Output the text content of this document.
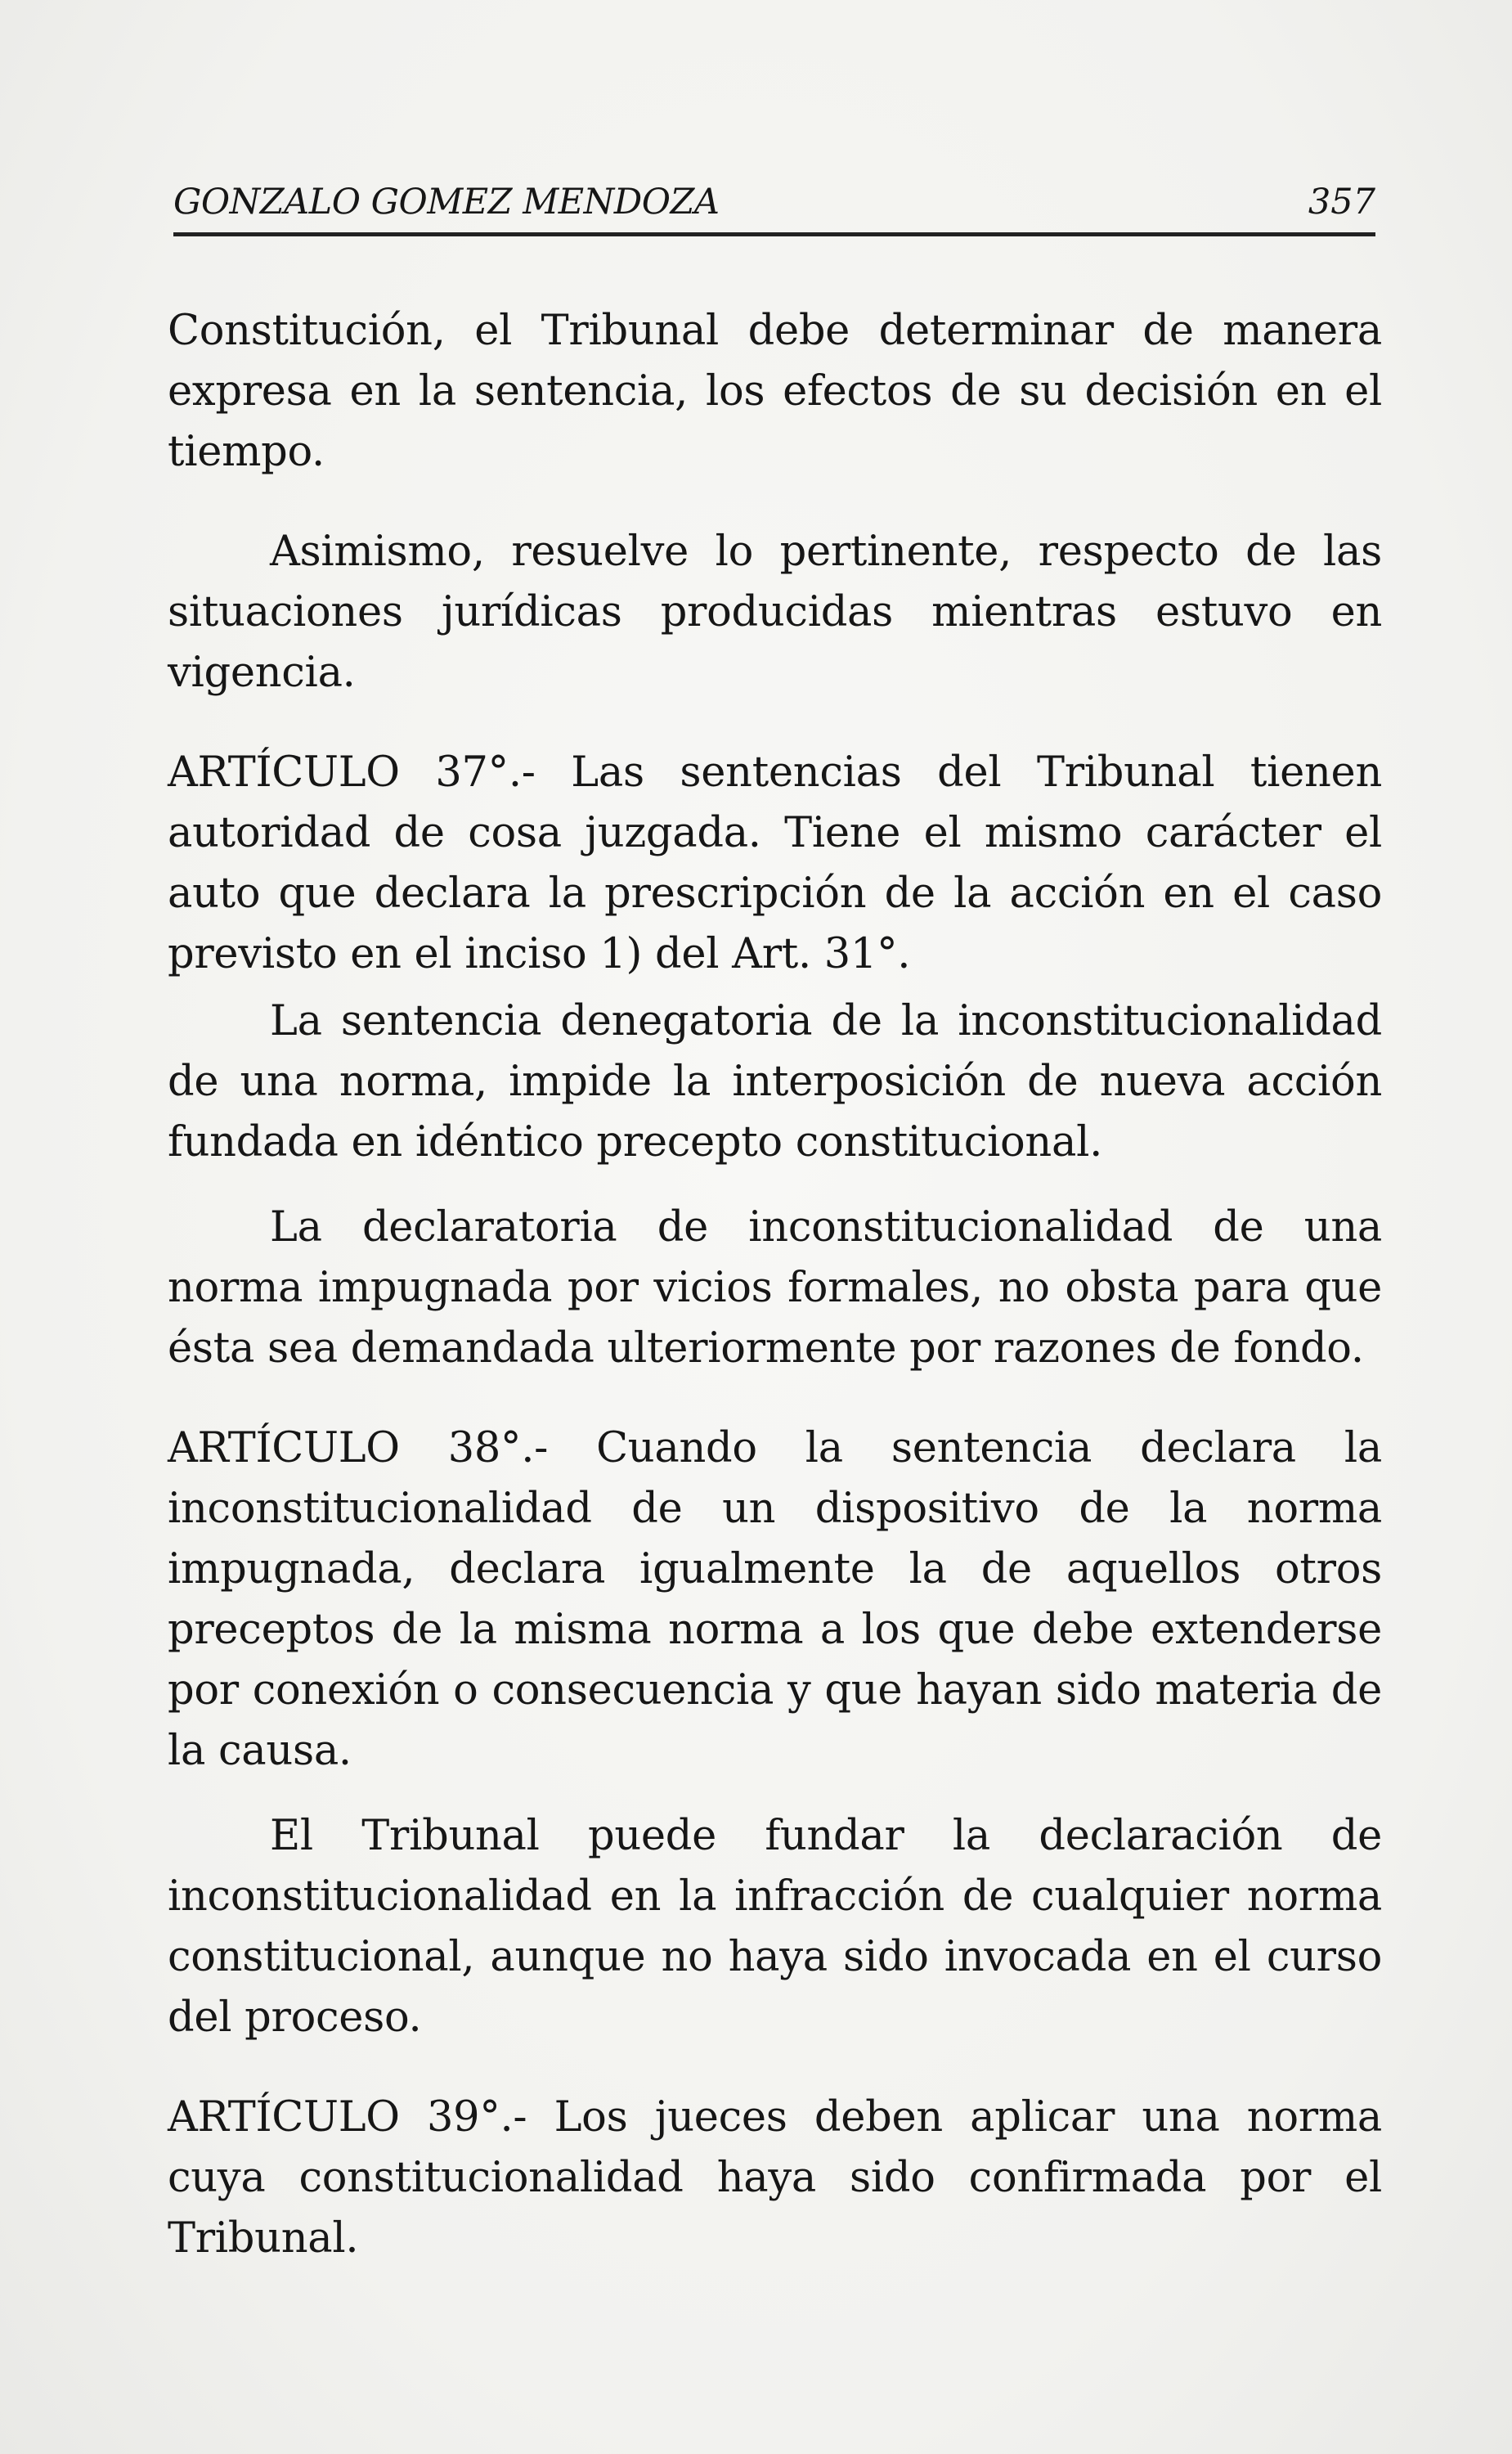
GONZALO GOMEZ MENDOZA	357

Constitución, el Tribunal debe determinar de manera expresa en la sentencia, los efectos de su decisión en el tiempo.

Asimismo, resuelve lo pertinente, respecto de las situaciones jurídicas producidas mientras estuvo en vigencia.

ARTÍCULO 37°.- Las sentencias del Tribunal tienen autoridad de cosa juzgada. Tiene el mismo carácter el auto que declara la prescripción de la acción en el caso previsto en el inciso 1) del Art. 31°.

La sentencia denegatoria de la inconstitucionalidad de una norma, impide la interposición de nueva acción fundada en idéntico precepto constitucional.

La declaratoria de inconstitucionalidad de una norma impugnada por vicios formales, no obsta para que ésta sea demandada ulteriormente por razones de fondo.

ARTÍCULO 38°.- Cuando la sentencia declara la inconstitucionalidad de un dispositivo de la norma impugnada, declara igualmente la de aquellos otros preceptos de la misma norma a los que debe extenderse por conexión o consecuencia y que hayan sido materia de la causa.

El Tribunal puede fundar la declaración de inconstitucionalidad en la infracción de cualquier norma constitucional, aunque no haya sido invocada en el curso del proceso.

ARTÍCULO 39°.- Los jueces deben aplicar una norma cuya constitucionalidad haya sido confirmada por el Tribunal.
